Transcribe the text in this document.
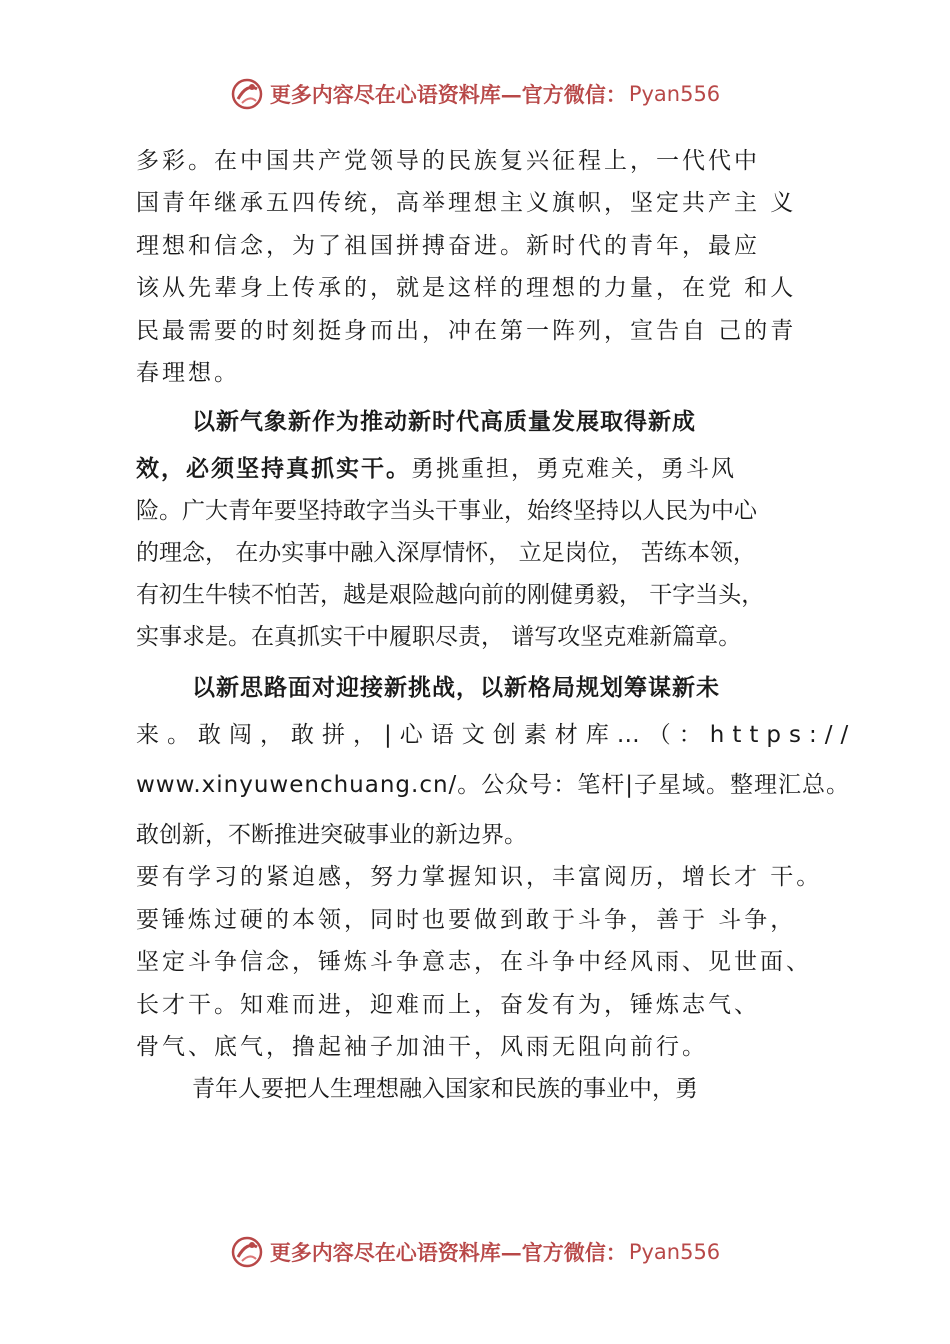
更多内容尽在心语资料库—官方微信： Pyan556
多彩。在中国共产党领导的民族复兴征程上，一代代中
国青年继承五四传统，高举理想主义旗帜，坚定共产主 义
理想和信念，为了祖国拼搏奋进。新时代的青年，最应
该从先辈身上传承的，就是这样的理想的力量，在党 和人
民最需要的时刻挺身而出，冲在第一阵列，宣告自 己的青
春理想。
以新气象新作为推动新时代高质量发展取得新成
效，必须坚持真抓实干。勇挑重担，勇克难关，勇斗风
险。广大青年要坚持敢字当头干事业，始终坚持以人民为中心
的理念， 在办实事中融入深厚情怀， 立足岗位， 苦练本领，
有初生牛犊不怕苦，越是艰险越向前的刚健勇毅， 干字当头，
实事求是。在真抓实干中履职尽责， 谱写攻坚克难新篇章。
以新思路面对迎接新挑战，以新格局规划筹谋新未
来。敢闯，敢拼，|心语文创素材库…（：https://
www.xinyuwenchuang.cn/。公众号：笔杆|子星域。整理汇总。
敢创新，不断推进突破事业的新边界。
要有学习的紧迫感，努力掌握知识，丰富阅历，增长才 干。
要锤炼过硬的本领，同时也要做到敢于斗争，善于 斗争，
坚定斗争信念，锤炼斗争意志，在斗争中经风雨、见世面、
长才干。知难而进，迎难而上，奋发有为，锤炼志气、
骨气、底气，撸起袖子加油干，风雨无阻向前行。
青年人要把人生理想融入国家和民族的事业中，勇
更多内容尽在心语资料库—官方微信： Pyan556
